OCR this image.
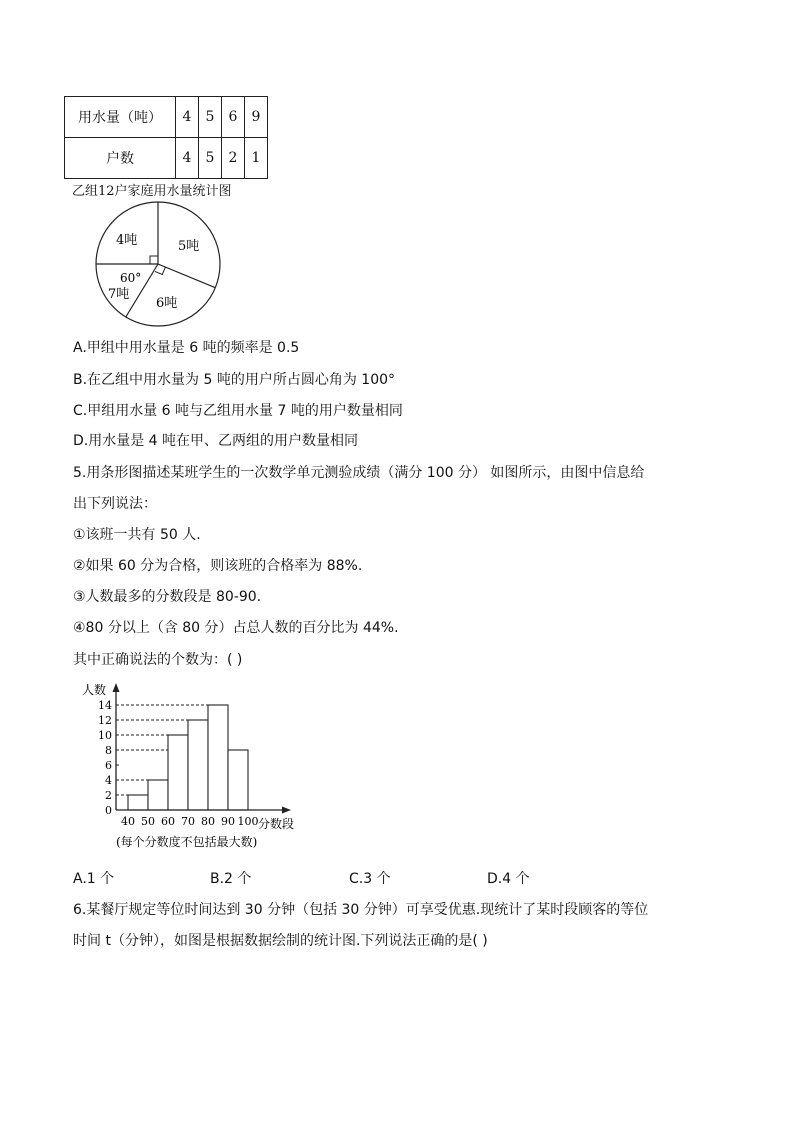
用水量（吨）	4	5	6	9
户数	4	5	2	1
乙组12户家庭用水量统计图
4吨	5吨
6吨
7吨
60°
A.甲组中用水量是 6 吨的频率是 0.5
B.在乙组中用水量为 5 吨的用户所占圆心角为 100°
C.甲组用水量 6 吨与乙组用水量 7 吨的用户数量相同
D.用水量是 4 吨在甲、乙两组的用户数量相同
5.用条形图描述某班学生的一次数学单元测验成绩（满分 100 分） 如图所示，由图中信息给
出下列说法：
①该班一共有 50 人.
②如果 60 分为合格，则该班的合格率为 88%.
③人数最多的分数段是 80-90.
④80 分以上（含 80 分）占总人数的百分比为 44%.
其中正确说法的个数为：( )
人数
分数段
(每个分数度不包括最大数)
0
2
4
6
8
10
12
14
40 50 60 70 80 90 100
A.1 个	B.2 个	C.3 个	D.4 个
6.某餐厅规定等位时间达到 30 分钟（包括 30 分钟）可享受优惠.现统计了某时段顾客的等位
时间 t（分钟），如图是根据数据绘制的统计图.下列说法正确的是( )
